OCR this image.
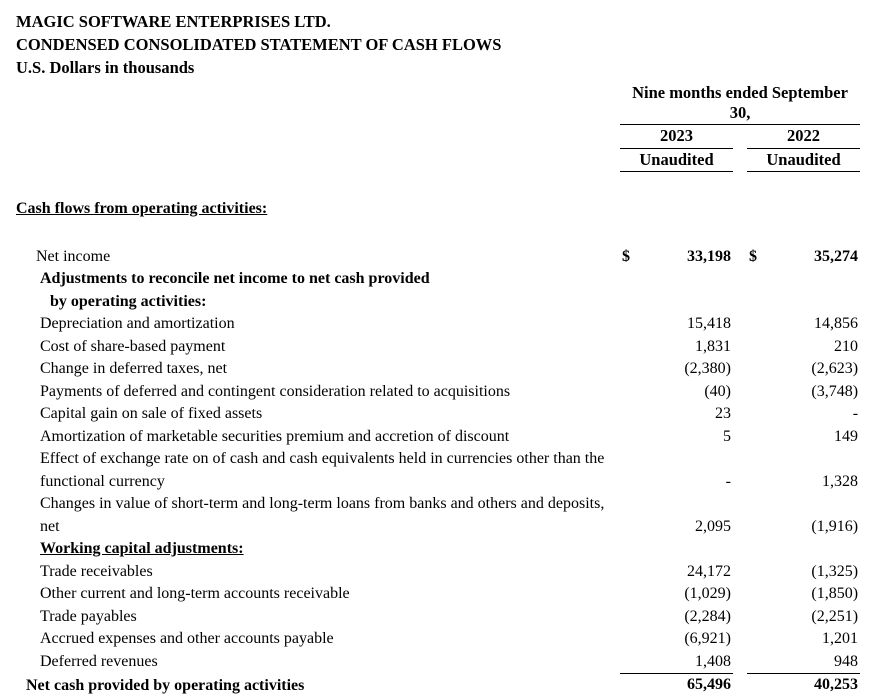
MAGIC SOFTWARE ENTERPRISES LTD.
CONDENSED CONSOLIDATED STATEMENT OF CASH FLOWS
U.S. Dollars in thousands
	Nine months ended September 30,				
	2023			2022	
	Unaudited			Unaudited	

Cash flows from operating activities:					

Net income	$	33,198		$	35,274
Adjustments to reconcile net income to net cash provided					
by operating activities:					
Depreciation and amortization		15,418			14,856
Cost of share-based payment		1,831			210
Change in deferred taxes, net		(2,380)			(2,623)
Payments of deferred and contingent consideration related to acquisitions		(40)			(3,748)
Capital gain on sale of fixed assets		23			-
Amortization of marketable securities premium and accretion of discount		5			149
Effect of exchange rate on of cash and cash equivalents held in currencies other than the functional currency		-			1,328
Changes in value of short-term and long-term loans from banks and others and deposits, net		2,095			(1,916)
Working capital adjustments:					
Trade receivables		24,172			(1,325)
Other current and long-term accounts receivable		(1,029)			(1,850)
Trade payables		(2,284)			(2,251)
Accrued expenses and other accounts payable		(6,921)			1,201
Deferred revenues		1,408			948
Net cash provided by operating activities		65,496			40,253
